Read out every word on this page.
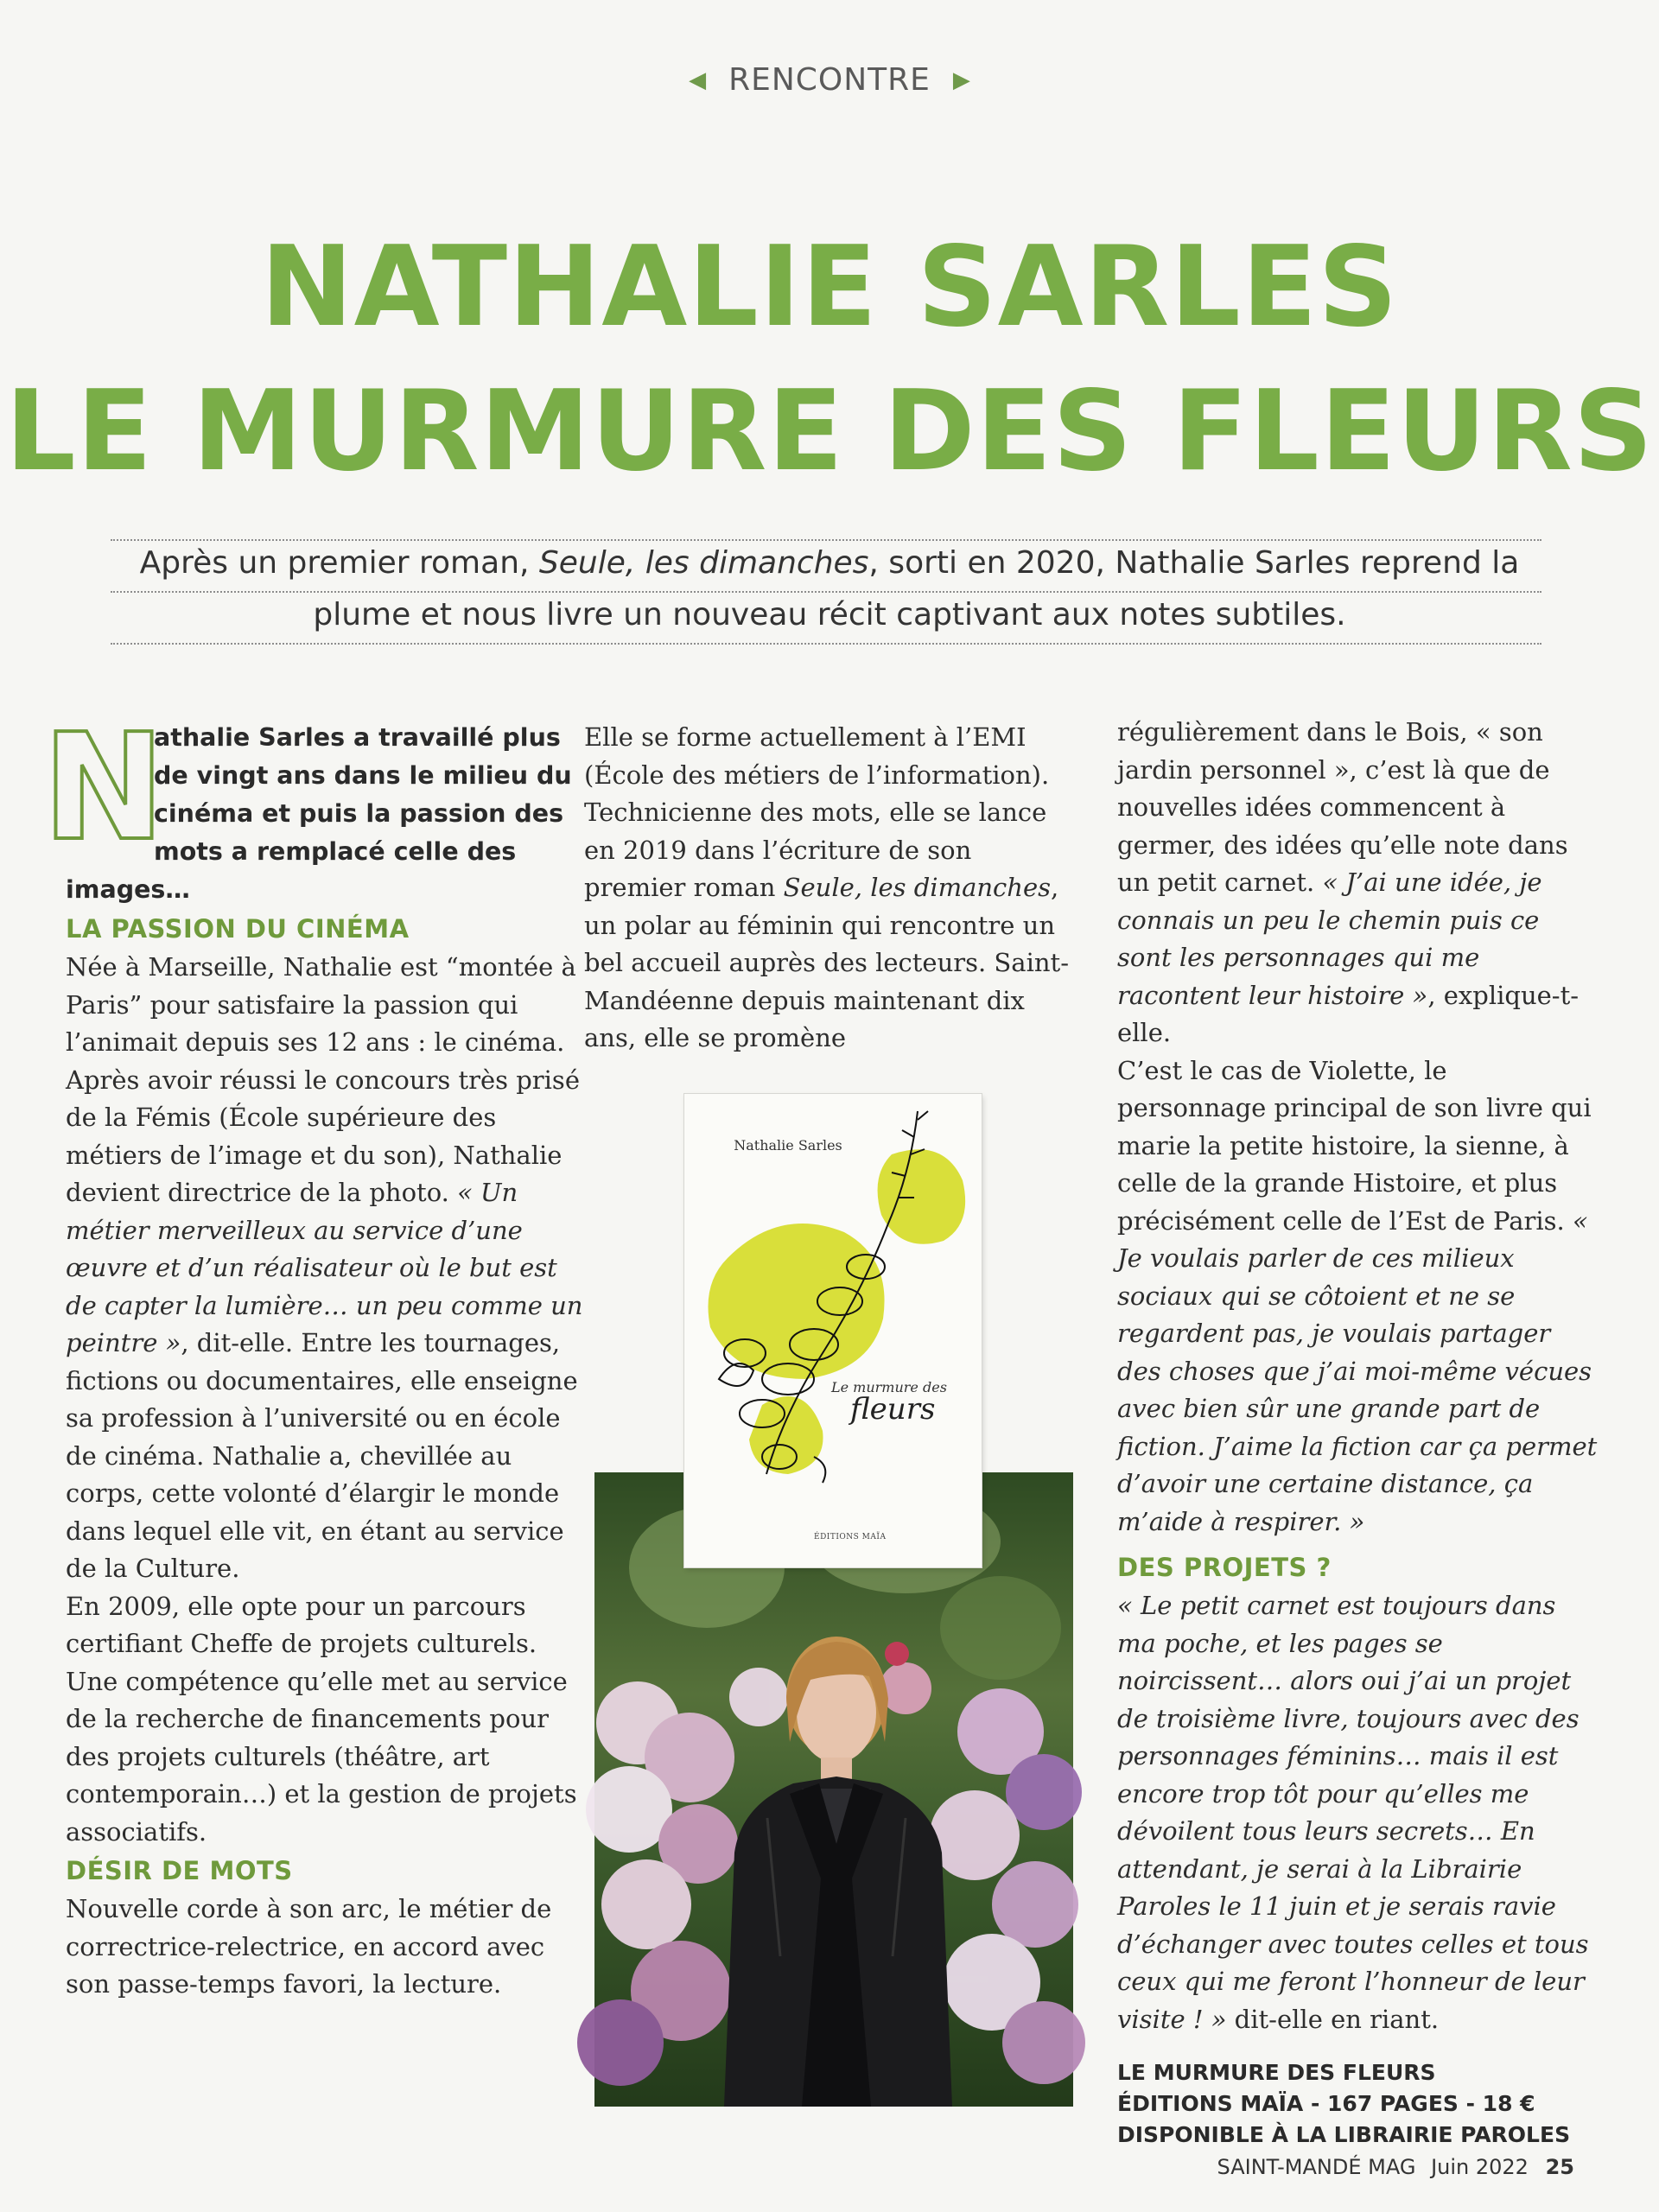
◀ RENCONTRE ▶
NATHALIE SARLES
LE MURMURE DES FLEURS
Après un premier roman, Seule, les dimanches, sorti en 2020, Nathalie Sarles reprend la plume et nous livre un nouveau récit captivant aux notes subtiles.
N

athalie Sarles a travaillé plus de vingt ans dans le milieu du cinéma et puis la passion des mots a remplacé celle des images…

LA PASSION DU CINÉMA

Née à Marseille, Nathalie est “montée à Paris” pour satisfaire la passion qui l’animait depuis ses 12 ans : le cinéma.

Après avoir réussi le concours très prisé de la Fémis (École supérieure des métiers de l’image et du son), Nathalie devient directrice de la photo. « Un métier merveilleux au service d’une œuvre et d’un réalisateur où le but est de capter la lumière… un peu comme un peintre », dit-elle. Entre les tournages, fictions ou documentaires, elle enseigne sa profession à l’université ou en école de cinéma. Nathalie a, chevillée au corps, cette volonté d’élargir le monde dans lequel elle vit, en étant au service de la Culture.

En 2009, elle opte pour un parcours certifiant Cheffe de projets culturels. Une compétence qu’elle met au service de la recherche de financements pour des projets culturels (théâtre, art contemporain…) et la gestion de projets associatifs.

DÉSIR DE MOTS

Nouvelle corde à son arc, le métier de correctrice-relectrice, en accord avec son passe-temps favori, la lecture.

Elle se forme actuellement à l’EMI (École des métiers de l’information). Technicienne des mots, elle se lance en 2019 dans l’écriture de son premier roman Seule, les dimanches, un polar au féminin qui rencontre un bel accueil auprès des lecteurs. Saint-Mandéenne depuis maintenant dix ans, elle se promène

régulièrement dans le Bois, « son jardin personnel », c’est là que de nouvelles idées commencent à germer, des idées qu’elle note dans un petit carnet. « J’ai une idée, je connais un peu le chemin puis ce sont les personnages qui me racontent leur histoire », explique-t-elle.

C’est le cas de Violette, le personnage principal de son livre qui marie la petite histoire, la sienne, à celle de la grande Histoire, et plus précisément celle de l’Est de Paris. « Je voulais parler de ces milieux sociaux qui se côtoient et ne se regardent pas, je voulais partager des choses que j’ai moi-même vécues avec bien sûr une grande part de fiction. J’aime la fiction car ça permet d’avoir une certaine distance, ça m’aide à respirer. »

DES PROJETS ?

« Le petit carnet est toujours dans ma poche, et les pages se noircissent… alors oui j’ai un projet de troisième livre, toujours avec des personnages féminins… mais il est encore trop tôt pour qu’elles me dévoilent tous leurs secrets… En attendant, je serai à la Librairie Paroles le 11 juin et je serais ravie d’échanger avec toutes celles et tous ceux qui me feront l’honneur de leur visite ! » dit-elle en riant.

LE MURMURE DES FLEURS
ÉDITIONS MAÏA - 167 PAGES - 18 €
DISPONIBLE À LA LIBRAIRIE PAROLES
Nathalie Sarles
Le murmure des
fleurs
ÉDITIONS MAÏA
SAINT-MANDÉ MAG Juin 2022 25
